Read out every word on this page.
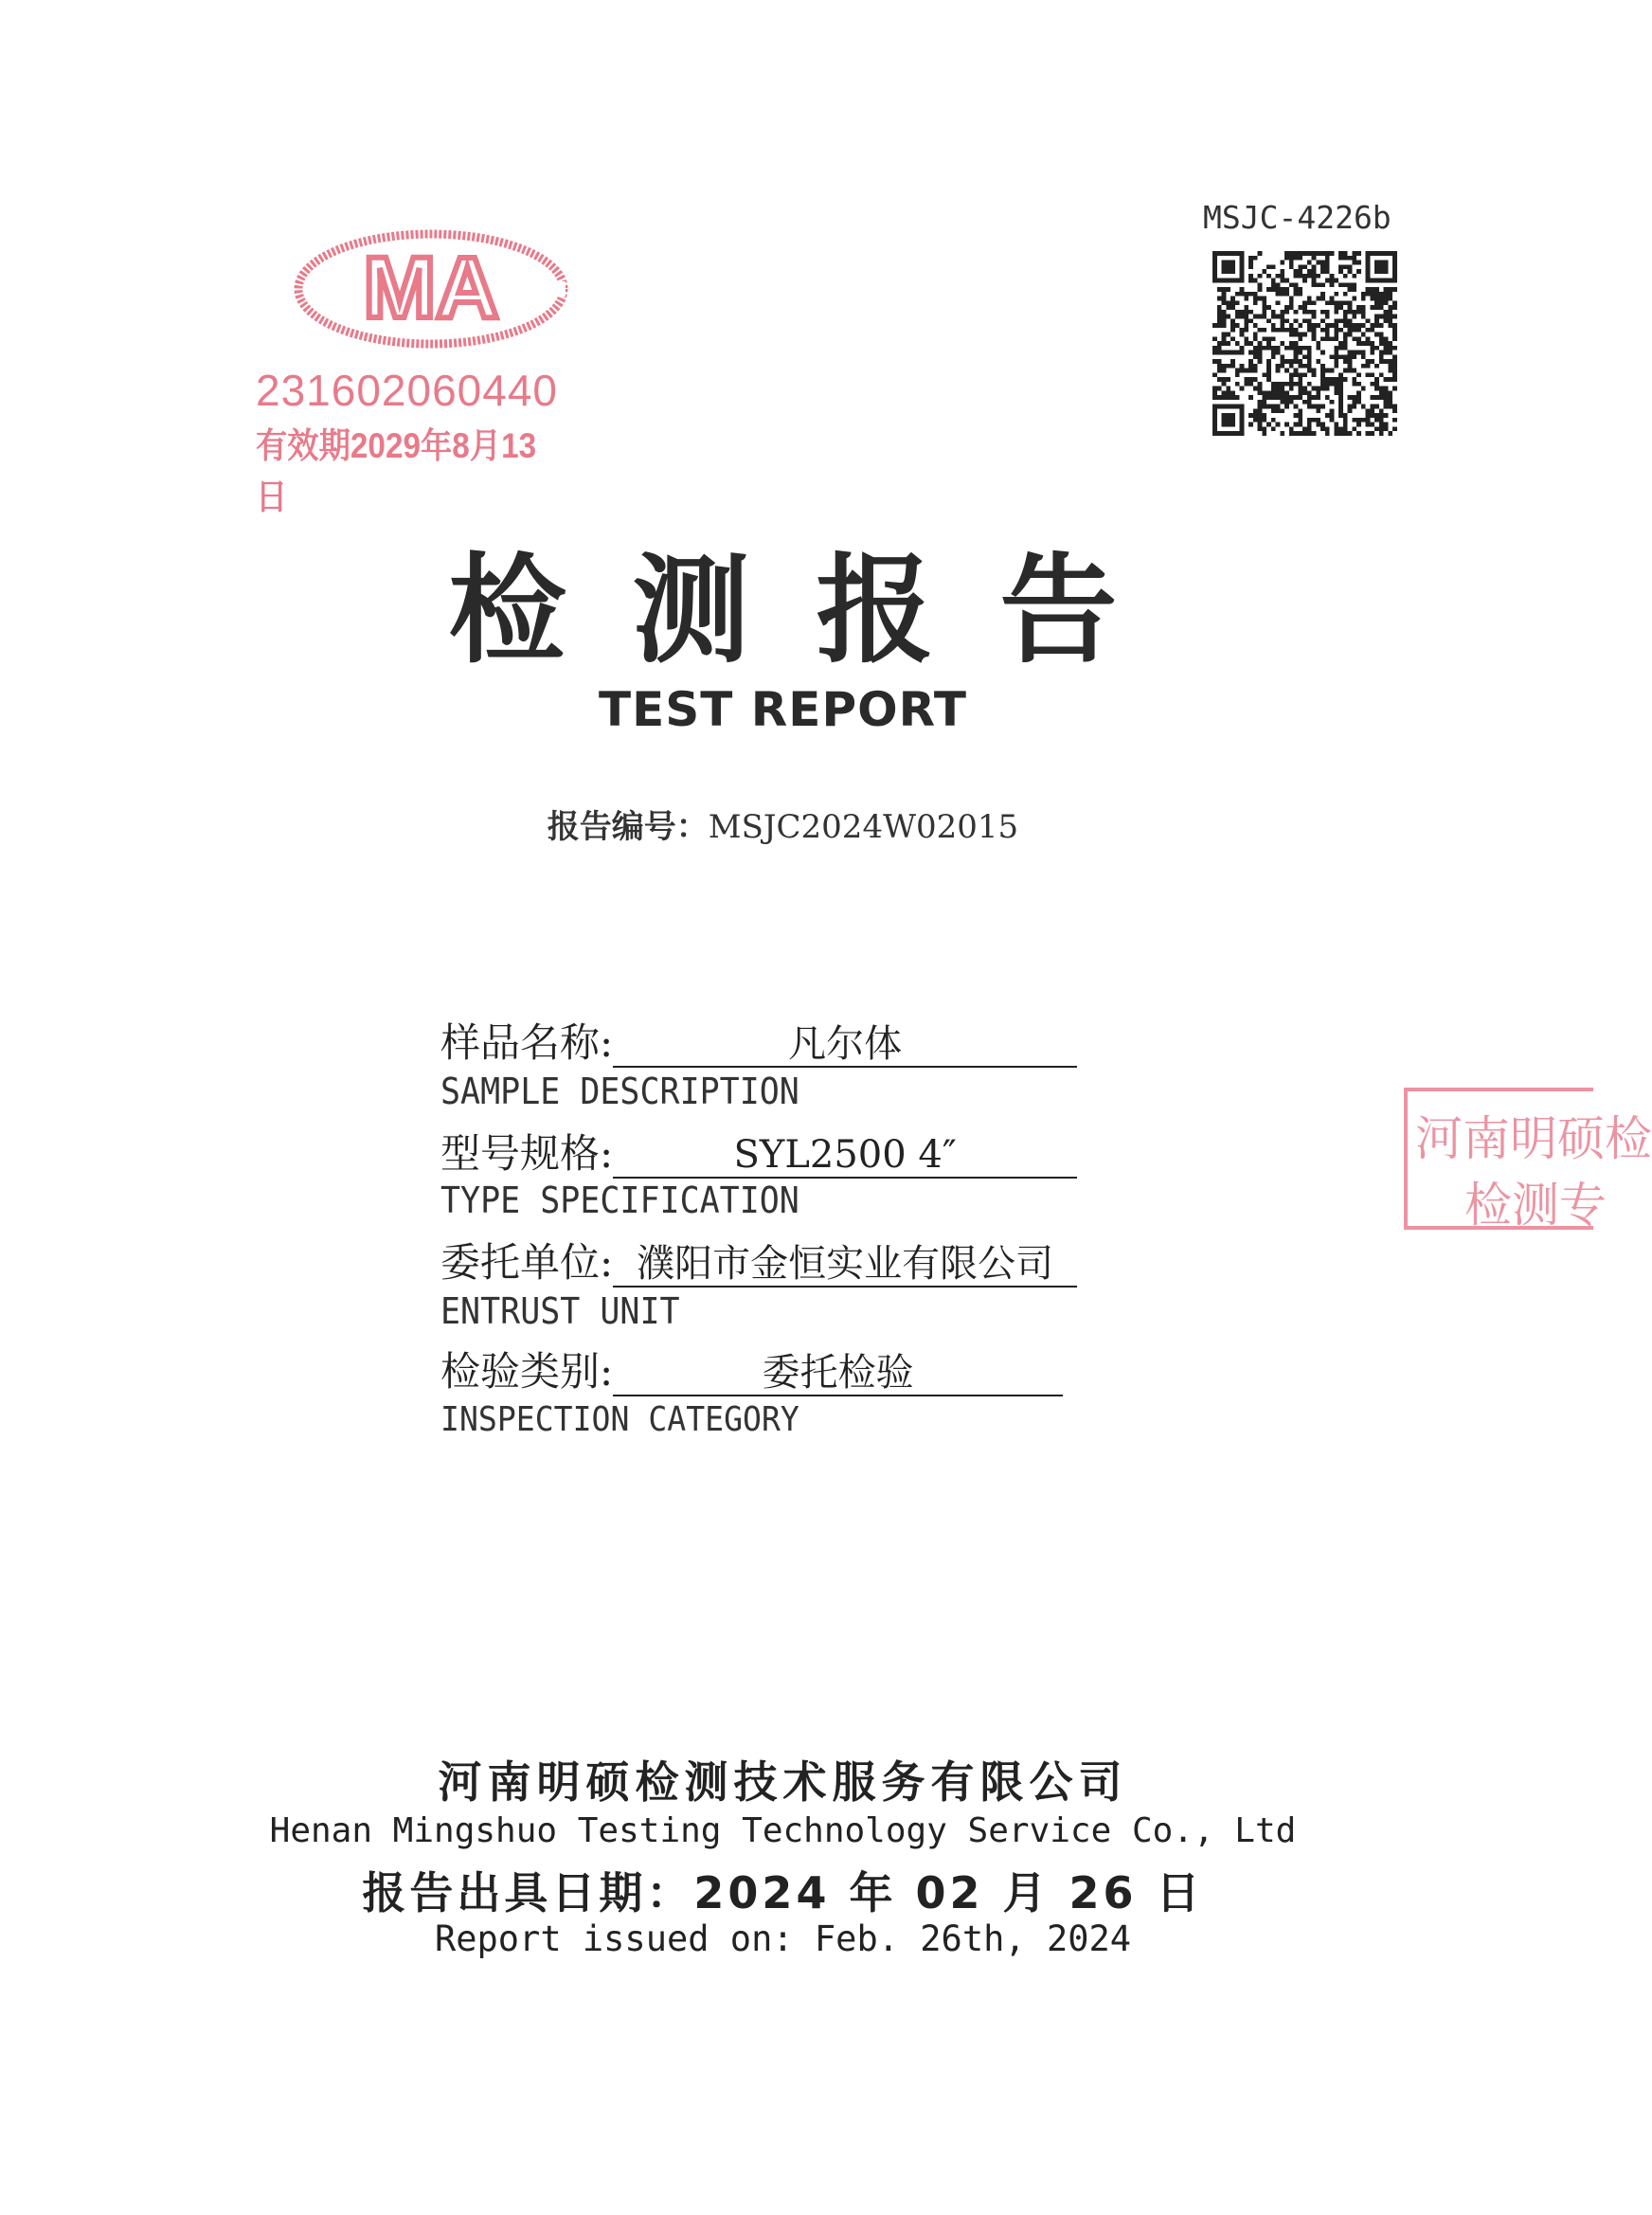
MA
231602060440
有效期2029年8月13日
MSJC-4226b
检测报告
TEST REPORT
报告编号：MSJC2024W02015
样品名称:	凡尔体
SAMPLE DESCRIPTION
型号规格:	SYL2500 4″
TYPE SPECIFICATION
委托单位: 濮阳市金恒实业有限公司
ENTRUST UNIT
检验类别:	委托检验
INSPECTION CATEGORY
河南明硕检
检测专
河南明硕检测技术服务有限公司
Henan Mingshuo Testing Technology Service Co., Ltd
报告出具日期：2024 年 02 月 26 日
Report issued on: Feb. 26th, 2024
